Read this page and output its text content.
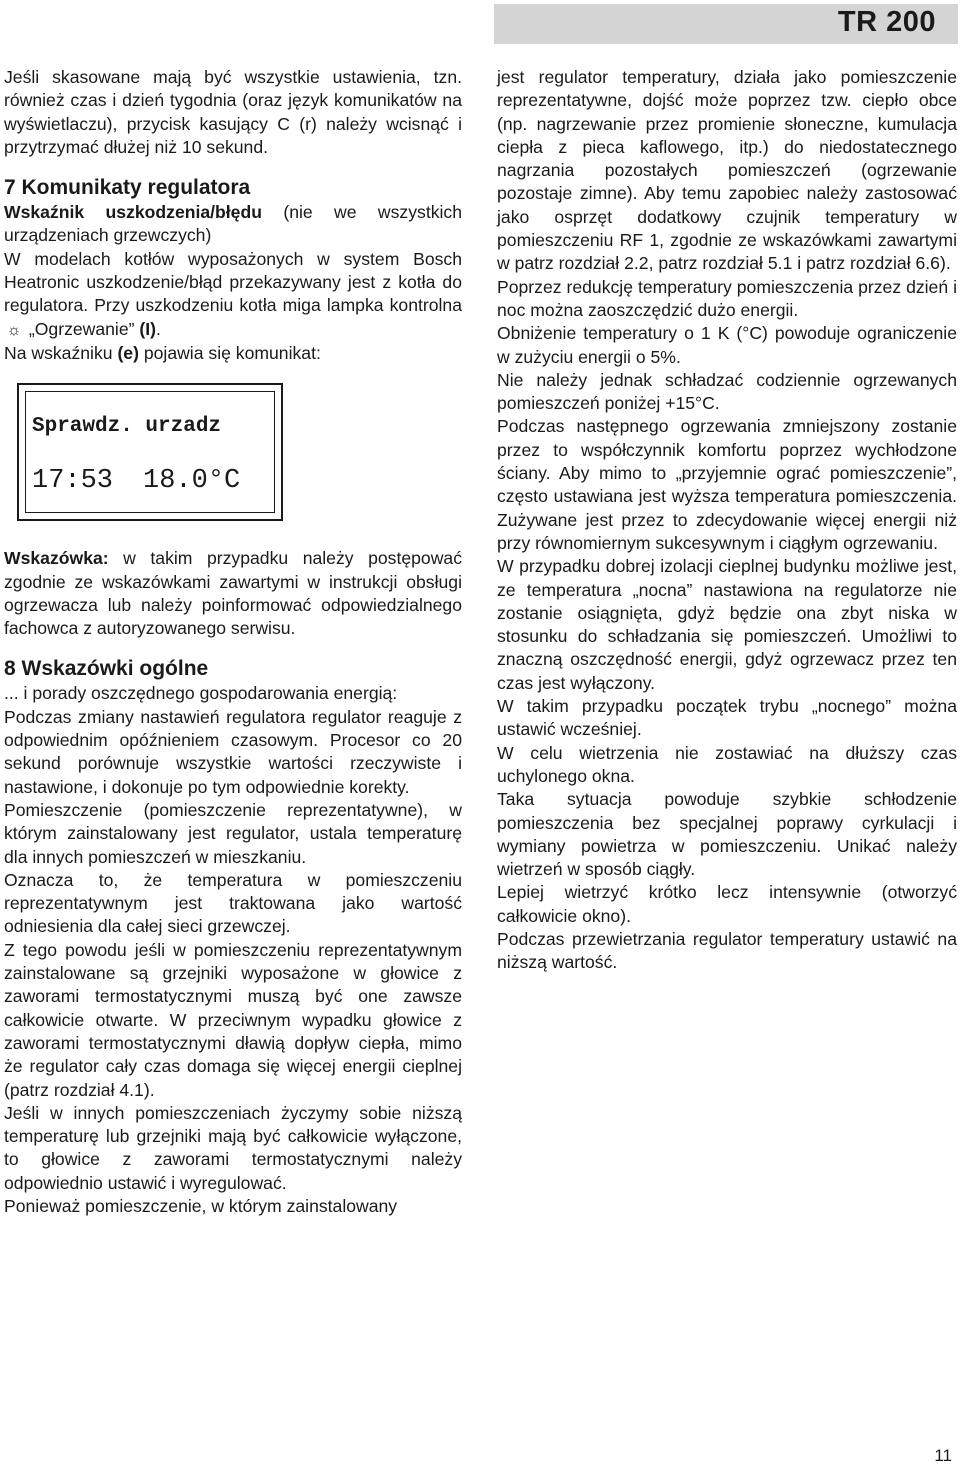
TR 200

Jeśli skasowane mają być wszystkie ustawienia, tzn. również czas i dzień tygodnia (oraz język komunikatów na wyświetlaczu), przycisk kasujący C (r) należy wcisnąć i przytrzymać dłużej niż 10 sekund.

7 Komunikaty regulatora

Wskaźnik uszkodzenia/błędu (nie we wszystkich urządzeniach grzewczych)

W modelach kotłów wyposażonych w system Bosch Heatronic uszkodzenie/błąd przekazywany jest z kotła do regulatora. Przy uszkodzeniu kotła miga lampka kontrolna ☼ „Ogrzewanie” (I).

Na wskaźniku (e) pojawia się komunikat:

Sprawdz. urzadz
17:53 18.0°C

Wskazówka: w takim przypadku należy postępować zgodnie ze wskazówkami zawartymi w instrukcji obsługi ogrzewacza lub należy poinformować odpowiedzialnego fachowca z autoryzowanego serwisu.

8 Wskazówki ogólne

... i porady oszczędnego gospodarowania energią:

Podczas zmiany nastawień regulatora regulator reaguje z odpowiednim opóźnieniem czasowym. Procesor co 20 sekund porównuje wszystkie wartości rzeczywiste i nastawione, i dokonuje po tym odpowiednie korekty.

Pomieszczenie (pomieszczenie reprezentatywne), w którym zainstalowany jest regulator, ustala temperaturę dla innych pomieszczeń w mieszkaniu.

Oznacza to, że temperatura w pomieszczeniu reprezentatywnym jest traktowana jako wartość odniesienia dla całej sieci grzewczej.

Z tego powodu jeśli w pomieszczeniu reprezentatywnym zainstalowane są grzejniki wyposażone w głowice z zaworami termostatycznymi muszą być one zawsze całkowicie otwarte. W przeciwnym wypadku głowice z zaworami termostatycznymi dławią dopływ ciepła, mimo że regulator cały czas domaga się więcej energii cieplnej (patrz rozdział 4.1).

Jeśli w innych pomieszczeniach życzymy sobie niższą temperaturę lub grzejniki mają być całkowicie wyłączone, to głowice z zaworami termostatycznymi należy odpowiednio ustawić i wyregulować.

Ponieważ pomieszczenie, w którym zainstalowany

jest regulator temperatury, działa jako pomieszczenie reprezentatywne, dojść może poprzez tzw. ciepło obce (np. nagrzewanie przez promienie słoneczne, kumulacja ciepła z pieca kaflowego, itp.) do niedostatecznego nagrzania pozostałych pomieszczeń (ogrzewanie pozostaje zimne). Aby temu zapobiec należy zastosować jako osprzęt dodatkowy czujnik temperatury w pomieszczeniu RF 1, zgodnie ze wskazówkami zawartymi w patrz rozdział 2.2, patrz rozdział 5.1 i patrz rozdział 6.6).

Poprzez redukcję temperatury pomieszczenia przez dzień i noc można zaoszczędzić dużo energii.

Obniżenie temperatury o 1 K (°C) powoduje ograniczenie w zużyciu energii o 5%.

Nie należy jednak schładzać codziennie ogrzewanych pomieszczeń poniżej +15°C.

Podczas następnego ogrzewania zmniejszony zostanie przez to współczynnik komfortu poprzez wychłodzone ściany. Aby mimo to „przyjemnie ograć pomieszczenie”, często ustawiana jest wyższa temperatura pomieszczenia. Zużywane jest przez to zdecydowanie więcej energii niż przy równomiernym sukcesywnym i ciągłym ogrzewaniu.

W przypadku dobrej izolacji cieplnej budynku możliwe jest, ze temperatura „nocna” nastawiona na regulatorze nie zostanie osiągnięta, gdyż będzie ona zbyt niska w stosunku do schładzania się pomieszczeń. Umożliwi to znaczną oszczędność energii, gdyż ogrzewacz przez ten czas jest wyłączony.

W takim przypadku początek trybu „nocnego” można ustawić wcześniej.

W celu wietrzenia nie zostawiać na dłuższy czas uchylonego okna.

Taka sytuacja powoduje szybkie schłodzenie pomieszczenia bez specjalnej poprawy cyrkulacji i wymiany powietrza w pomieszczeniu. Unikać należy wietrzeń w sposób ciągły.

Lepiej wietrzyć krótko lecz intensywnie (otworzyć całkowicie okno).

Podczas przewietrzania regulator temperatury ustawić na niższą wartość.

11
